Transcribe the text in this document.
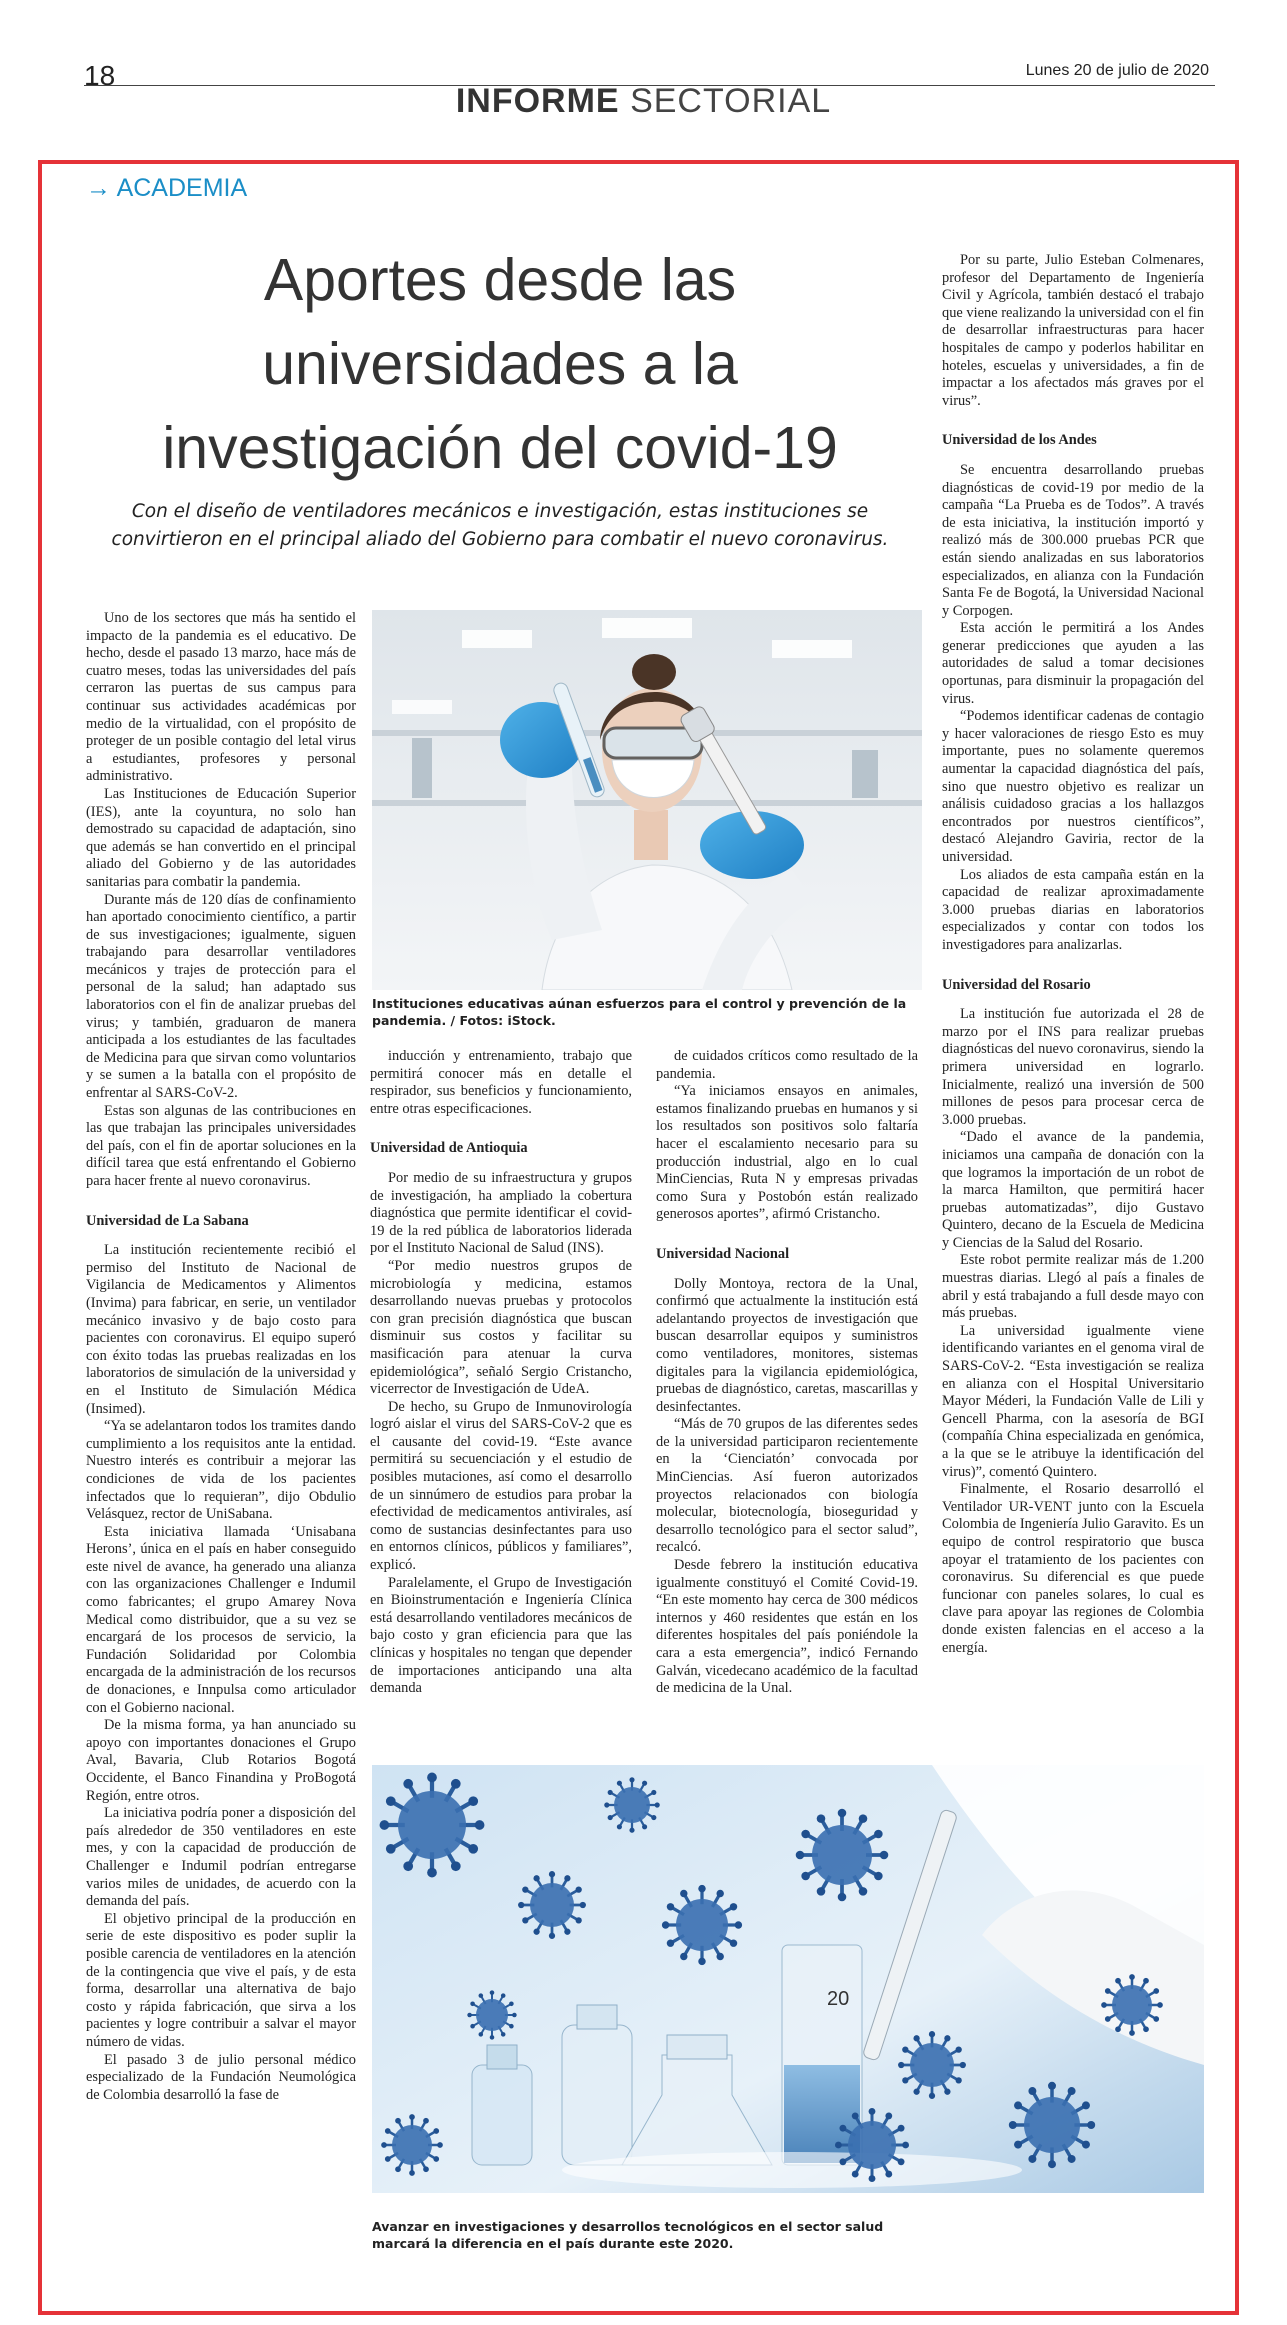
18	Lunes 20 de julio de 2020
INFORME SECTORIAL
→ ACADEMIA
Aportes desde las
universidades a la
investigación del covid-19

Con el diseño de ventiladores mecánicos e investigación, estas instituciones se convirtieron en el principal aliado del Gobierno para combatir el nuevo coronavirus.

Uno de los sectores que más ha sentido el impacto de la pandemia es el educativo. De hecho, desde el pasado 13 marzo, hace más de cuatro meses, todas las universidades del país cerraron las puertas de sus campus para continuar sus actividades académicas por medio de la virtualidad, con el propósito de proteger de un posible contagio del letal virus a estudiantes, profesores y personal administrativo.

Las Instituciones de Educación Superior (IES), ante la coyuntura, no solo han demostrado su capacidad de adaptación, sino que además se han convertido en el principal aliado del Gobierno y de las autoridades sanitarias para combatir la pandemia.

Durante más de 120 días de confinamiento han aportado conocimiento científico, a partir de sus investigaciones; igualmente, siguen trabajando para desarrollar ventiladores mecánicos y trajes de protección para el personal de la salud; han adaptado sus laboratorios con el fin de analizar pruebas del virus; y también, graduaron de manera anticipada a los estudiantes de las facultades de Medicina para que sirvan como voluntarios y se sumen a la batalla con el propósito de enfrentar al SARS-CoV-2.

Estas son algunas de las contribuciones en las que trabajan las principales universidades del país, con el fin de aportar soluciones en la difícil tarea que está enfrentando el Gobierno para hacer frente al nuevo coronavirus.

Universidad de La Sabana

La institución recientemente recibió el permiso del Instituto de Nacional de Vigilancia de Medicamentos y Alimentos (Invima) para fabricar, en serie, un ventilador mecánico invasivo y de bajo costo para pacientes con coronavirus. El equipo superó con éxito todas las pruebas realizadas en los laboratorios de simulación de la universidad y en el Instituto de Simulación Médica (Insimed).

“Ya se adelantaron todos los tramites dando cumplimiento a los requisitos ante la entidad. Nuestro interés es contribuir a mejorar las condiciones de vida de los pacientes infectados que lo requieran”, dijo Obdulio Velásquez, rector de UniSabana.

Esta iniciativa llamada ‘Unisabana Herons’, única en el país en haber conseguido este nivel de avance, ha generado una alianza con las organizaciones Challenger e Indumil como fabricantes; el grupo Amarey Nova Medical como distribuidor, que a su vez se encargará de los procesos de servicio, la Fundación Solidaridad por Colombia encargada de la administración de los recursos de donaciones, e Innpulsa como articulador con el Gobierno nacional.

De la misma forma, ya han anunciado su apoyo con importantes donaciones el Grupo Aval, Bavaria, Club Rotarios Bogotá Occidente, el Banco Finandina y ProBogotá Región, entre otros.

La iniciativa podría poner a disposición del país alrededor de 350 ventiladores en este mes, y con la capacidad de producción de Challenger e Indumil podrían entregarse varios miles de unidades, de acuerdo con la demanda del país.

El objetivo principal de la producción en serie de este dispositivo es poder suplir la posible carencia de ventiladores en la atención de la contingencia que vive el país, y de esta forma, desarrollar una alternativa de bajo costo y rápida fabricación, que sirva a los pacientes y logre contribuir a salvar el mayor número de vidas.

El pasado 3 de julio personal médico especializado de la Fundación Neumológica de Colombia desarrolló la fase de

inducción y entrenamiento, trabajo que permitirá conocer más en detalle el respirador, sus beneficios y funcionamiento, entre otras especificaciones.

Universidad de Antioquia

Por medio de su infraestructura y grupos de investigación, ha ampliado la cobertura diagnóstica que permite identificar el covid-19 de la red pública de laboratorios liderada por el Instituto Nacional de Salud (INS).

“Por medio nuestros grupos de microbiología y medicina, estamos desarrollando nuevas pruebas y protocolos con gran precisión diagnóstica que buscan disminuir sus costos y facilitar su masificación para atenuar la curva epidemiológica”, señaló Sergio Cristancho, vicerrector de Investigación de UdeA.

De hecho, su Grupo de Inmunovirología logró aislar el virus del SARS-CoV-2 que es el causante del covid-19. “Este avance permitirá su secuenciación y el estudio de posibles mutaciones, así como el desarrollo de un sinnúmero de estudios para probar la efectividad de medicamentos antivirales, así como de sustancias desinfectantes para uso en entornos clínicos, públicos y familiares”, explicó.

Paralelamente, el Grupo de Investigación en Bioinstrumentación e Ingeniería Clínica está desarrollando ventiladores mecánicos de bajo costo y gran eficiencia para que las clínicas y hospitales no tengan que depender de importaciones anticipando una alta demanda

de cuidados críticos como resultado de la pandemia.

“Ya iniciamos ensayos en animales, estamos finalizando pruebas en humanos y si los resultados son positivos solo faltaría hacer el escalamiento necesario para su producción industrial, algo en lo cual MinCiencias, Ruta N y empresas privadas como Sura y Postobón están realizado generosos aportes”, afirmó Cristancho.

Universidad Nacional

Dolly Montoya, rectora de la Unal, confirmó que actualmente la institución está adelantando proyectos de investigación que buscan desarrollar equipos y suministros como ventiladores, monitores, sistemas digitales para la vigilancia epidemiológica, pruebas de diagnóstico, caretas, mascarillas y desinfectantes.

“Más de 70 grupos de las diferentes sedes de la universidad participaron recientemente en la ‘Cienciatón’ convocada por MinCiencias. Así fueron autorizados proyectos relacionados con biología molecular, biotecnología, bioseguridad y desarrollo tecnológico para el sector salud”, recalcó.

Desde febrero la institución educativa igualmente constituyó el Comité Covid-19. “En este momento hay cerca de 300 médicos internos y 460 residentes que están en los diferentes hospitales del país poniéndole la cara a esta emergencia”, indicó Fernando Galván, vicedecano académico de la facultad de medicina de la Unal.

Por su parte, Julio Esteban Colmenares, profesor del Departamento de Ingeniería Civil y Agrícola, también destacó el trabajo que viene realizando la universidad con el fin de desarrollar infraestructuras para hacer hospitales de campo y poderlos habilitar en hoteles, escuelas y universidades, a fin de impactar a los afectados más graves por el virus”.

Universidad de los Andes

Se encuentra desarrollando pruebas diagnósticas de covid-19 por medio de la campaña “La Prueba es de Todos”. A través de esta iniciativa, la institución importó y realizó más de 300.000 pruebas PCR que están siendo analizadas en sus laboratorios especializados, en alianza con la Fundación Santa Fe de Bogotá, la Universidad Nacional y Corpogen.

Esta acción le permitirá a los Andes generar predicciones que ayuden a las autoridades de salud a tomar decisiones oportunas, para disminuir la propagación del virus.

“Podemos identificar cadenas de contagio y hacer valoraciones de riesgo Esto es muy importante, pues no solamente queremos aumentar la capacidad diagnóstica del país, sino que nuestro objetivo es realizar un análisis cuidadoso gracias a los hallazgos encontrados por nuestros científicos”, destacó Alejandro Gaviria, rector de la universidad.

Los aliados de esta campaña están en la capacidad de realizar aproximadamente 3.000 pruebas diarias en laboratorios especializados y contar con todos los investigadores para analizarlas.

Universidad del Rosario

La institución fue autorizada el 28 de marzo por el INS para realizar pruebas diagnósticas del nuevo coronavirus, siendo la primera universidad en lograrlo. Inicialmente, realizó una inversión de 500 millones de pesos para procesar cerca de 3.000 pruebas.

“Dado el avance de la pandemia, iniciamos una campaña de donación con la que logramos la importación de un robot de la marca Hamilton, que permitirá hacer pruebas automatizadas”, dijo Gustavo Quintero, decano de la Escuela de Medicina y Ciencias de la Salud del Rosario.

Este robot permite realizar más de 1.200 muestras diarias. Llegó al país a finales de abril y está trabajando a full desde mayo con más pruebas.

La universidad igualmente viene identificando variantes en el genoma viral de SARS-CoV-2. “Esta investigación se realiza en alianza con el Hospital Universitario Mayor Méderi, la Fundación Valle de Lili y Gencell Pharma, con la asesoría de BGI (compañía China especializada en genómica, a la que se le atribuye la identificación del virus)”, comentó Quintero.

Finalmente, el Rosario desarrolló el Ventilador UR-VENT junto con la Escuela Colombia de Ingeniería Julio Garavito. Es un equipo de control respiratorio que busca apoyar el tratamiento de los pacientes con coronavirus. Su diferencial es que puede funcionar con paneles solares, lo cual es clave para apoyar las regiones de Colombia donde existen falencias en el acceso a la energía.

Instituciones educativas aúnan esfuerzos para el control y prevención de la pandemia. / Fotos: iStock.
20
Avanzar en investigaciones y desarrollos tecnológicos en el sector salud marcará la diferencia en el país durante este 2020.
